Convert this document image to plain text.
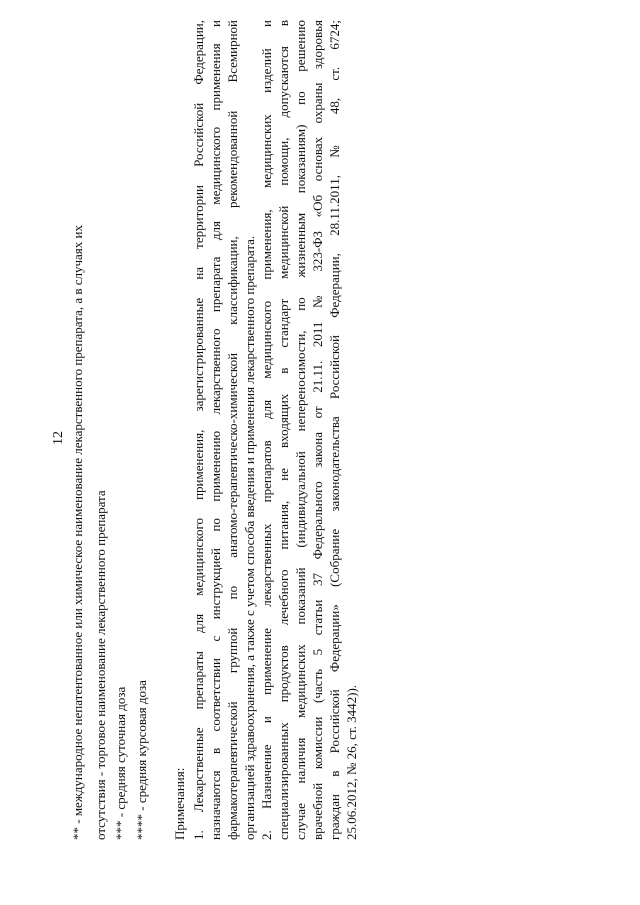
12 ** - международное непатентованное или химическое наименование лекарственного препарата, а в случаях их отсутствия - торговое наименование лекарственного препарата *** - средняя суточная доза **** - средняя курсовая доза Примечания: 1. Лекарственные препараты для медицинского применения, зарегистрированные на территории Российской Федерации, назначаются в соответствии с инструкцией по применению лекарственного препарата для медицинского применения и фармакотерапевтической группой по анатомо-терапевтическо-химической классификации, рекомендованной Всемирной организацией здравоохранения, а также с учетом способа введения и применения лекарственного препарата. 2. Назначение и применение лекарственных препаратов для медицинского применения, медицинских изделий и специализированных продуктов лечебного питания, не входящих в стандарт медицинской помощи, допускаются в случае наличия медицинских показаний (индивидуальной непереносимости, по жизненным показаниям) по решению врачебной комиссии (часть 5 статьи 37 Федерального закона от 21.11. 2011 № 323-ФЗ «Об основах охраны здоровья граждан в Российской Федерации» (Собрание законодательства Российской Федерации, 28.11.2011, № 48, ст. 6724; 25.06.2012, № 26, ст. 3442)).
